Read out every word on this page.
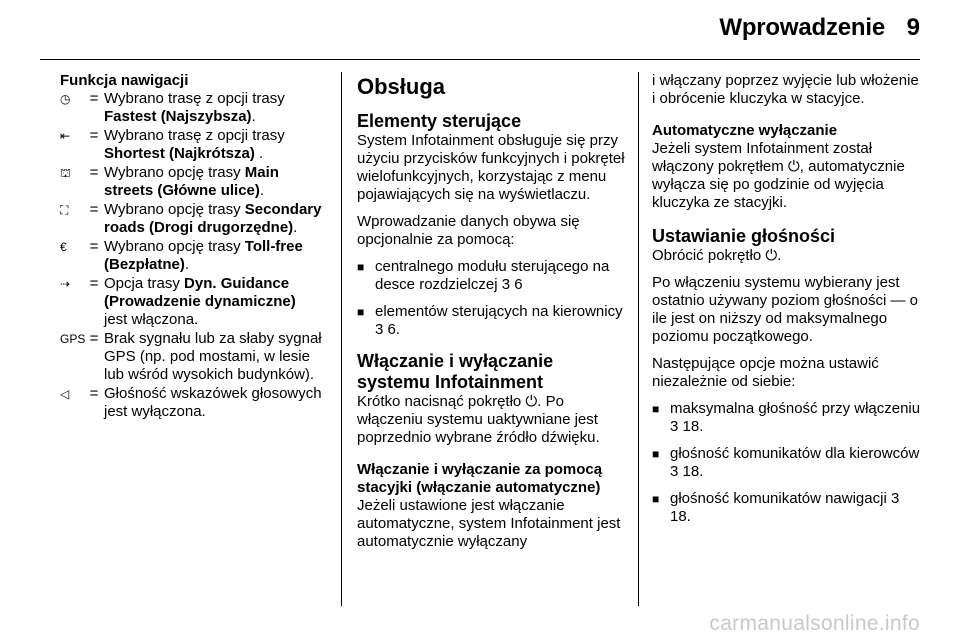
Wprowadzenie 9
Funkcja nawigacji
◷	= Wybrano trasę z opcji trasy Fastest (Najszybsza).
⇤	= Wybrano trasę z opcji trasy Shortest (Najkrótsza) .
⛫	= Wybrano opcję trasy Main streets (Główne ulice).
⛶	= Wybrano opcję trasy Secondary roads (Drogi drugorzędne).
€	= Wybrano opcję trasy Toll-free (Bezpłatne).
⇢	= Opcja trasy Dyn. Guidance (Prowadzenie dynamiczne) jest włączona.
GPS = Brak sygnału lub za słaby sygnał GPS (np. pod mostami, w lesie lub wśród wysokich budynków).
◁	= Głośność wskazówek głosowych jest wyłączona.
Obsługa
Elementy sterujące

System Infotainment obsługuje się przy użyciu przycisków funkcyjnych i pokręteł wielofunkcyjnych, korzystając z menu pojawiających się na wyświetlaczu.

Wprowadzanie danych obywa się opcjonalnie za pomocą:

■ centralnego modułu sterującego na desce rozdzielczej 3 6
■ elementów sterujących na kierownicy 3 6.
Włączanie i wyłączanie systemu Infotainment

Krótko nacisnąć pokrętło ⏻. Po włączeniu systemu uaktywniane jest poprzednio wybrane źródło dźwięku.

Włączanie i wyłączanie za pomocą stacyjki (włączanie automatyczne)

Jeżeli ustawione jest włączanie automatyczne, system Infotainment jest automatycznie wyłączany

i włączany poprzez wyjęcie lub włożenie i obrócenie kluczyka w stacyjce.

Automatyczne wyłączanie

Jeżeli system Infotainment został włączony pokrętłem ⏻, automatycznie wyłącza się po godzinie od wyjęcia kluczyka ze stacyjki.

Ustawianie głośności

Obrócić pokrętło ⏻.

Po włączeniu systemu wybierany jest ostatnio używany poziom głośności — o ile jest on niższy od maksymalnego poziomu początkowego.

Następujące opcje można ustawić niezależnie od siebie:

■ maksymalna głośność przy włączeniu 3 18.
■ głośność komunikatów dla kierowców 3 18.
■ głośność komunikatów nawigacji 3 18.
carmanualsonline.info
